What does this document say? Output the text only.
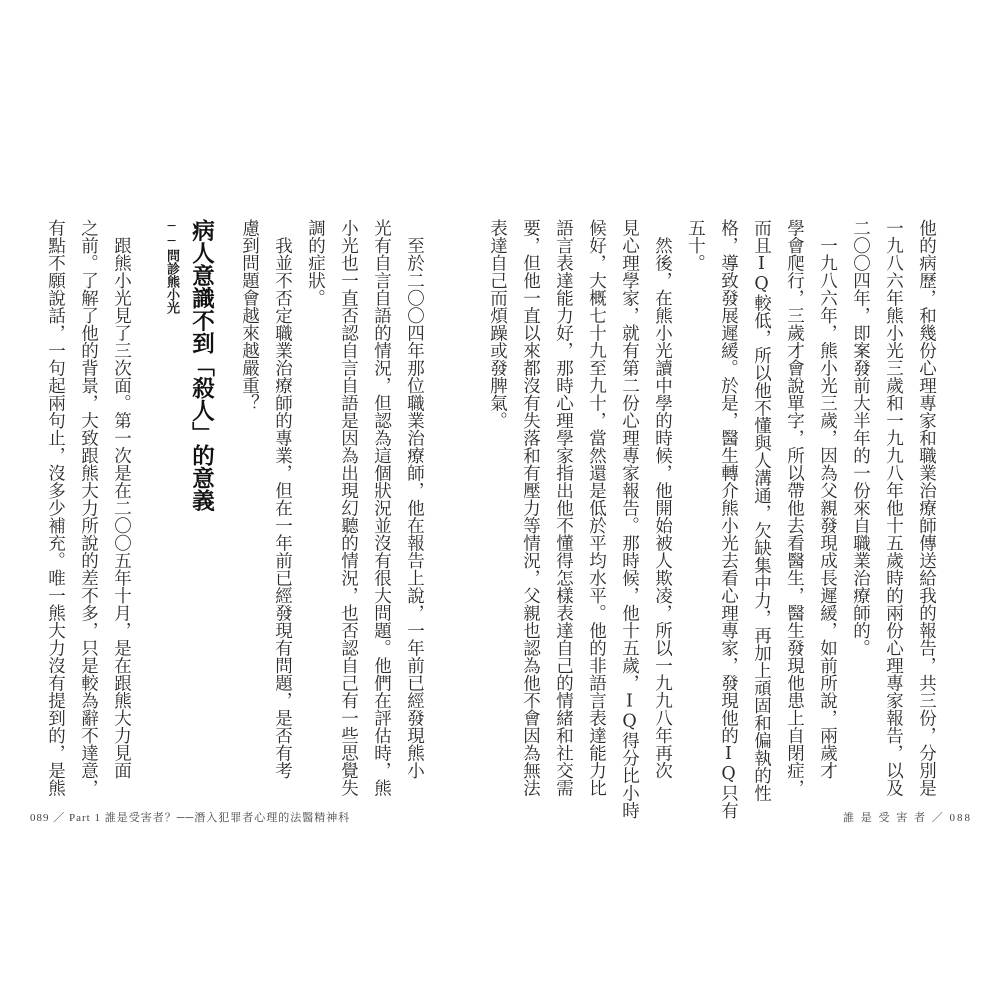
他的病歷，和幾份心理專家和職業治療師傳送給我的報告，共三份，分別是
一九八六年熊小光三歲和一九九八年他十五歲時的兩份心理專家報告，以及
二〇〇四年，即案發前大半年的一份來自職業治療師的。
　一九八六年，熊小光三歲，因為父親發現成長遲緩，如前所說，兩歲才
學會爬行，三歲才會說單字，所以帶他去看醫生，醫生發現他患上自閉症，
而且IQ較低，所以他不懂與人溝通，欠缺集中力，再加上頑固和偏執的性
格，導致發展遲緩。於是，醫生轉介熊小光去看心理專家，發現他的IQ只有
五十。
　然後，在熊小光讀中學的時候，他開始被人欺凌，所以一九九八年再次
見心理學家，就有第二份心理專家報告。那時候，他十五歲，IQ得分比小時
候好，大概七十九至九十，當然還是低於平均水平。他的非語言表達能力比
語言表達能力好，那時心理學家指出他不懂得怎樣表達自己的情緒和社交需
要，但他一直以來都沒有失落和有壓力等情況，父親也認為他不會因為無法
表達自己而煩躁或發脾氣。
　至於二〇〇四年那位職業治療師，他在報告上說，一年前已經發現熊小
光有自言自語的情況，但認為這個狀況並沒有很大問題。他們在評估時，熊
小光也一直否認自言自語是因為出現幻聽的情況，也否認自己有一些思覺失
調的症狀。
　我並不否定職業治療師的專業，但在一年前已經發現有問題，是否有考
慮到問題會越來越嚴重？
病人意識不到「殺人」的意義
──問診熊小光
　跟熊小光見了三次面。第一次是在二〇〇五年十月，是在跟熊大力見面
之前。了解了他的背景，大致跟熊大力所說的差不多，只是較為辭不達意，
有點不願說話，一句起兩句止，沒多少補充。唯一熊大力沒有提到的，是熊
089 ／ Part 1 誰是受害者？──潛入犯罪者心理的法醫精神科	誰 是 受 害 者 ／ 088
